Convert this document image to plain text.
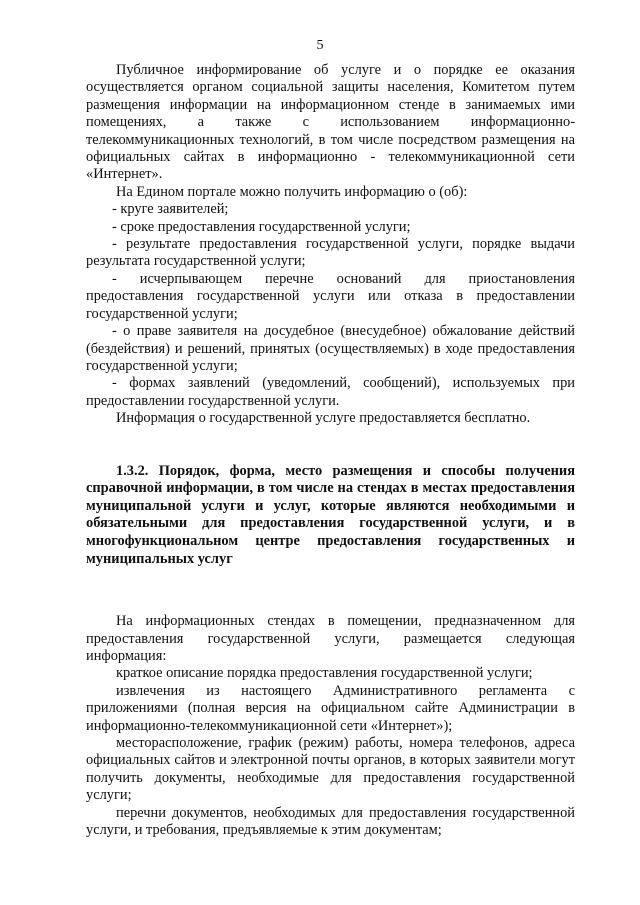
5

Публичное информирование об услуге и о порядке ее оказания осуществляется органом социальной защиты населения, Комитетом путем размещения информации на информационном стенде в занимаемых ими помещениях, а также с использованием информационно-телекоммуникационных технологий, в том числе посредством размещения на официальных сайтах в информационно - телекоммуникационной сети «Интернет».

На Едином портале можно получить информацию о (об):

- круге заявителей;

- сроке предоставления государственной услуги;

- результате предоставления государственной услуги, порядке выдачи результата государственной услуги;

- исчерпывающем перечне оснований для приостановления предоставления государственной услуги или отказа в предоставлении государственной услуги;

- о праве заявителя на досудебное (внесудебное) обжалование действий (бездействия) и решений, принятых (осуществляемых) в ходе предоставления государственной услуги;

- формах заявлений (уведомлений, сообщений), используемых при предоставлении государственной услуги.

Информация о государственной услуге предоставляется бесплатно.

1.3.2. Порядок, форма, место размещения и способы получения справочной информации, в том числе на стендах в местах предоставления муниципальной услуги и услуг, которые являются необходимыми и обязательными для предоставления государственной услуги, и в многофункциональном центре предоставления государственных и муниципальных услуг

На информационных стендах в помещении, предназначенном для предоставления государственной услуги, размещается следующая информация:

краткое описание порядка предоставления государственной услуги;

извлечения из настоящего Административного регламента с приложениями (полная версия на официальном сайте Администрации в информационно-телекоммуникационной сети «Интернет»);

месторасположение, график (режим) работы, номера телефонов, адреса официальных сайтов и электронной почты органов, в которых заявители могут получить документы, необходимые для предоставления государственной услуги;

перечни документов, необходимых для предоставления государственной услуги, и требования, предъявляемые к этим документам;
